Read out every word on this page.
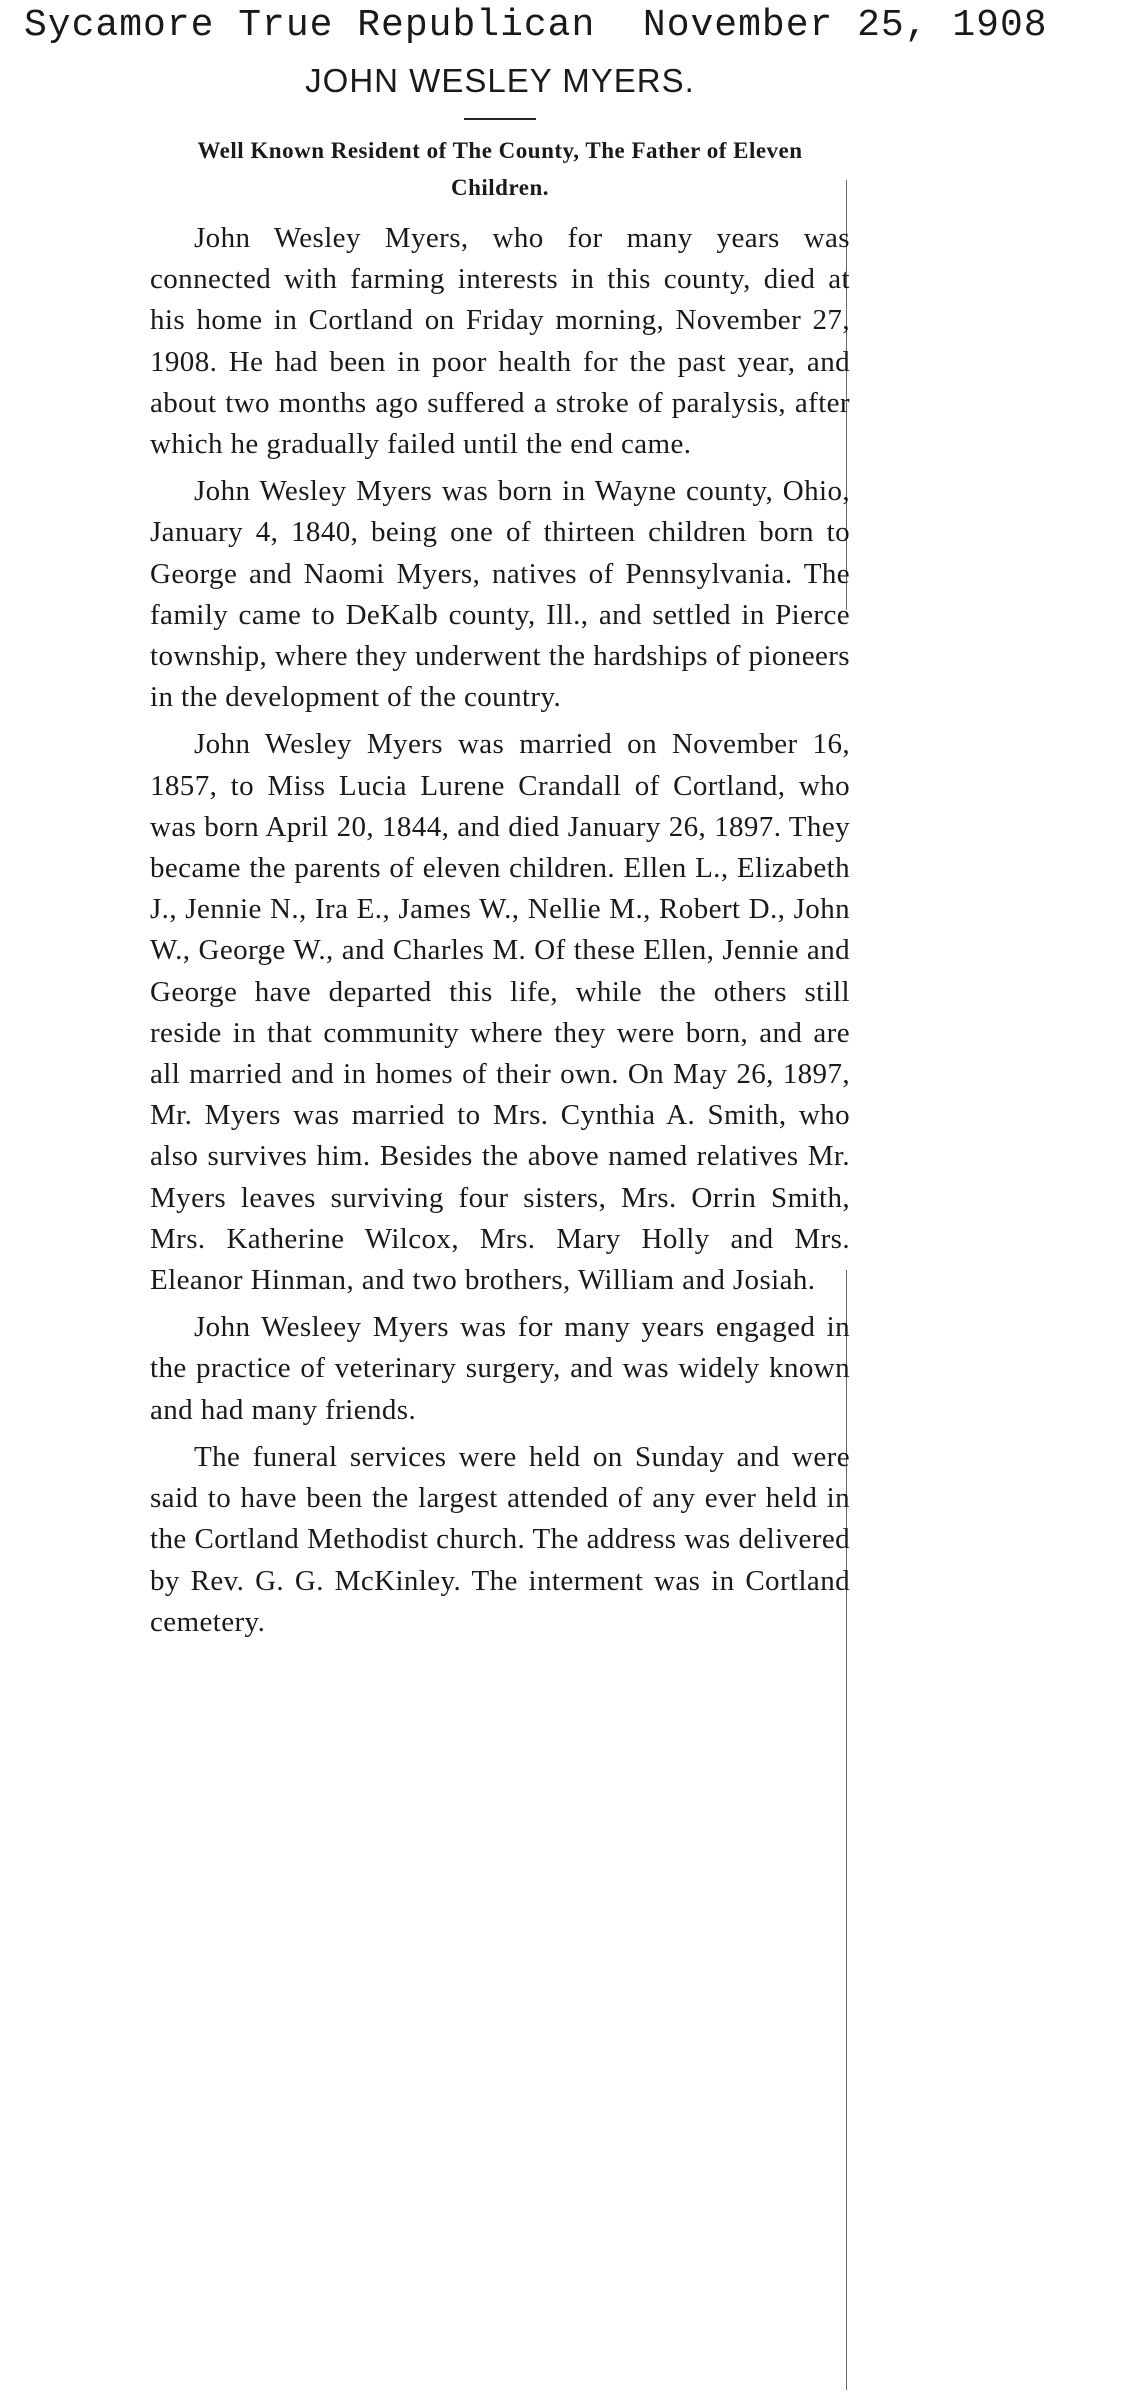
Sycamore True Republican  November 25, 1908
JOHN WESLEY MYERS.

Well Known Resident of The County, The Father of Eleven Children.

John Wesley Myers, who for many years was connected with farming interests in this county, died at his home in Cortland on Friday morning, November 27, 1908. He had been in poor health for the past year, and about two months ago suffered a stroke of paralysis, after which he gradually failed until the end came.

John Wesley Myers was born in Wayne county, Ohio, January 4, 1840, being one of thirteen children born to George and Naomi Myers, natives of Pennsylvania. The family came to DeKalb county, Ill., and settled in Pierce township, where they underwent the hardships of pioneers in the development of the country.

John Wesley Myers was married on November 16, 1857, to Miss Lucia Lurene Crandall of Cortland, who was born April 20, 1844, and died January 26, 1897. They became the parents of eleven children. Ellen L., Elizabeth J., Jennie N., Ira E., James W., Nellie M., Robert D., John W., George W., and Charles M. Of these Ellen, Jennie and George have departed this life, while the others still reside in that community where they were born, and are all married and in homes of their own. On May 26, 1897, Mr. Myers was married to Mrs. Cynthia A. Smith, who also survives him. Besides the above named relatives Mr. Myers leaves surviving four sisters, Mrs. Orrin Smith, Mrs. Katherine Wilcox, Mrs. Mary Holly and Mrs. Eleanor Hinman, and two brothers, William and Josiah.

John Wesleey Myers was for many years engaged in the practice of veterinary surgery, and was widely known and had many friends.

The funeral services were held on Sunday and were said to have been the largest attended of any ever held in the Cortland Methodist church. The address was delivered by Rev. G. G. McKinley. The interment was in Cortland cemetery.
